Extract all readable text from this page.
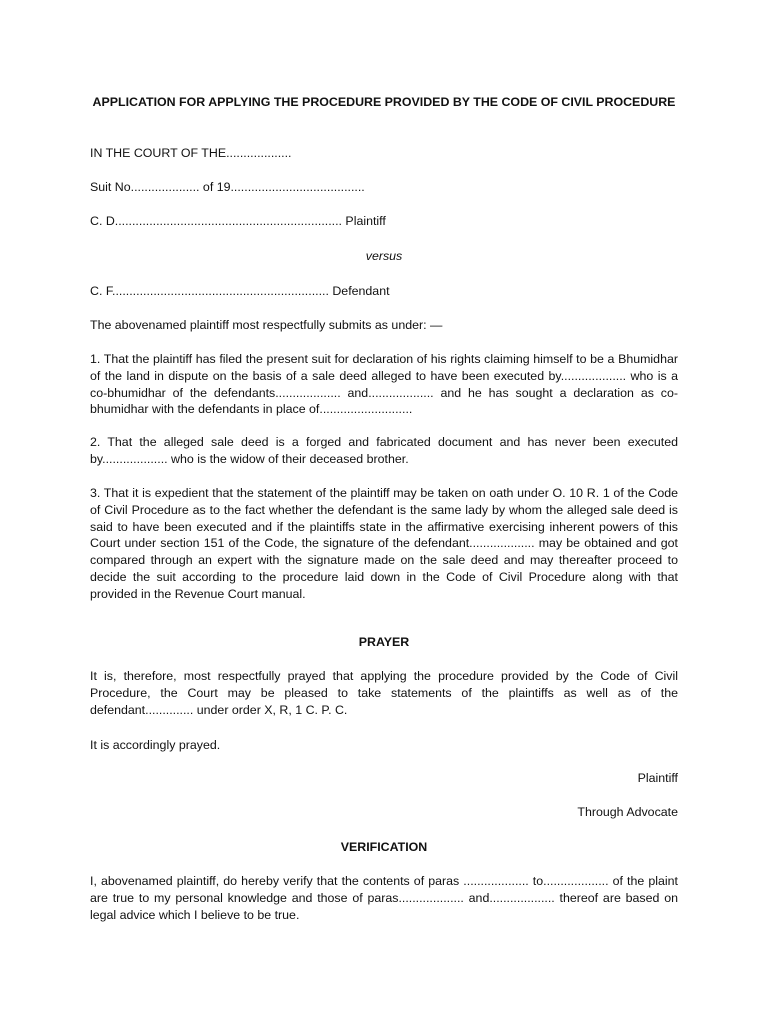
APPLICATION FOR APPLYING THE PROCEDURE PROVIDED BY THE CODE OF CIVIL PROCEDURE
IN THE COURT OF THE...................
Suit No.................... of 19.......................................
C. D.................................................................. Plaintiff
versus
C. F............................................................... Defendant
The abovenamed plaintiff most respectfully submits as under: —
1. That the plaintiff has filed the present suit for declaration of his rights claiming himself to be a Bhumidhar of the land in dispute on the basis of a sale deed alleged to have been executed by................... who is a co-bhumidhar of the defendants................... and................... and he has sought a declaration as co-bhumidhar with the defendants in place of...........................
2. That the alleged sale deed is a forged and fabricated document and has never been executed by................... who is the widow of their deceased brother.
3. That it is expedient that the statement of the plaintiff may be taken on oath under O. 10 R. 1 of the Code of Civil Procedure as to the fact whether the defendant is the same lady by whom the alleged sale deed is said to have been executed and if the plaintiffs state in the affirmative exercising inherent powers of this Court under section 151 of the Code, the signature of the defendant................... may be obtained and got compared through an expert with the signature made on the sale deed and may thereafter proceed to decide the suit according to the procedure laid down in the Code of Civil Procedure along with that provided in the Revenue Court manual.
PRAYER
It is, therefore, most respectfully prayed that applying the procedure provided by the Code of Civil Procedure, the Court may be pleased to take statements of the plaintiffs as well as of the defendant.............. under order X, R, 1 C. P. C.
It is accordingly prayed.
Plaintiff
Through Advocate
VERIFICATION
I, abovenamed plaintiff, do hereby verify that the contents of paras ................... to................... of the plaint are true to my personal knowledge and those of paras................... and................... thereof are based on legal advice which I believe to be true.
